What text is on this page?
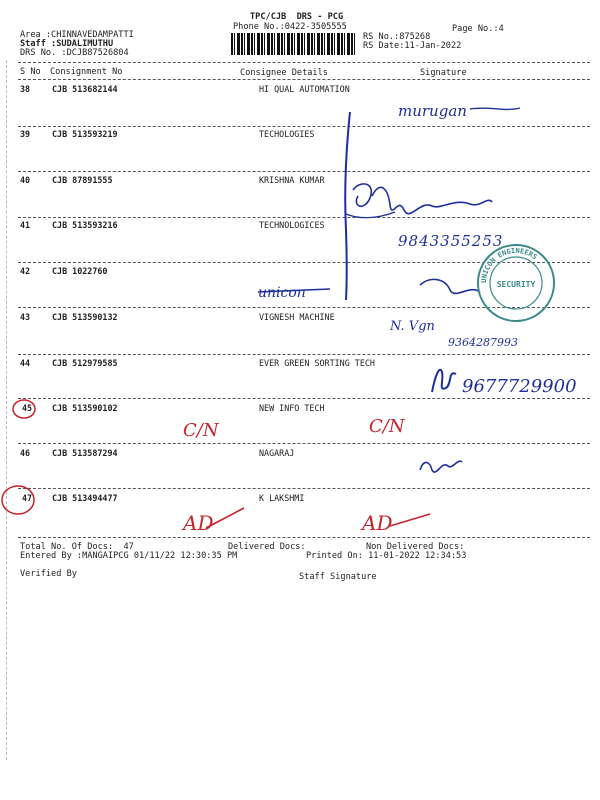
TPC/CJB  DRS - PCG
Phone No.:0422-3505555	Page No.:4
Area :CHINNAVEDAMPATTI
Staff :SUDALIMUTHU
DRS No. :DCJB87526804
RS No.:875268
RS Date:11-Jan-2022
S No Consignment No	Consignee Details	Signature
38	CJB 513682144	HI QUAL AUTOMATION
39	CJB 513593219	TECHOLOGIES
40	CJB 87891555	KRISHNA KUMAR
41	CJB 513593216	TECHNOLOGICES
42	CJB 1022760
43	CJB 513590132	VIGNESH MACHINE
44	CJB 512979585	EVER GREEN SORTING TECH
45 CJB 513590102	NEW INFO TECH
46	CJB 513587294	NAGARAJ
47 CJB 513494477	K LAKSHMI
Total No. Of Docs:  47	Delivered Docs:	Non Delivered Docs:
Entered By :MANGAIPCG 01/11/22 12:30:35 PM	Printed On: 11-01-2022 12:34:53
Verified By	Staff Signature
murugan
9843355253
unicon
UNICON ENGINEERS
SECURITY
N. Vgn
9364287993
9677729900
C/N	C/N
AD	AD
